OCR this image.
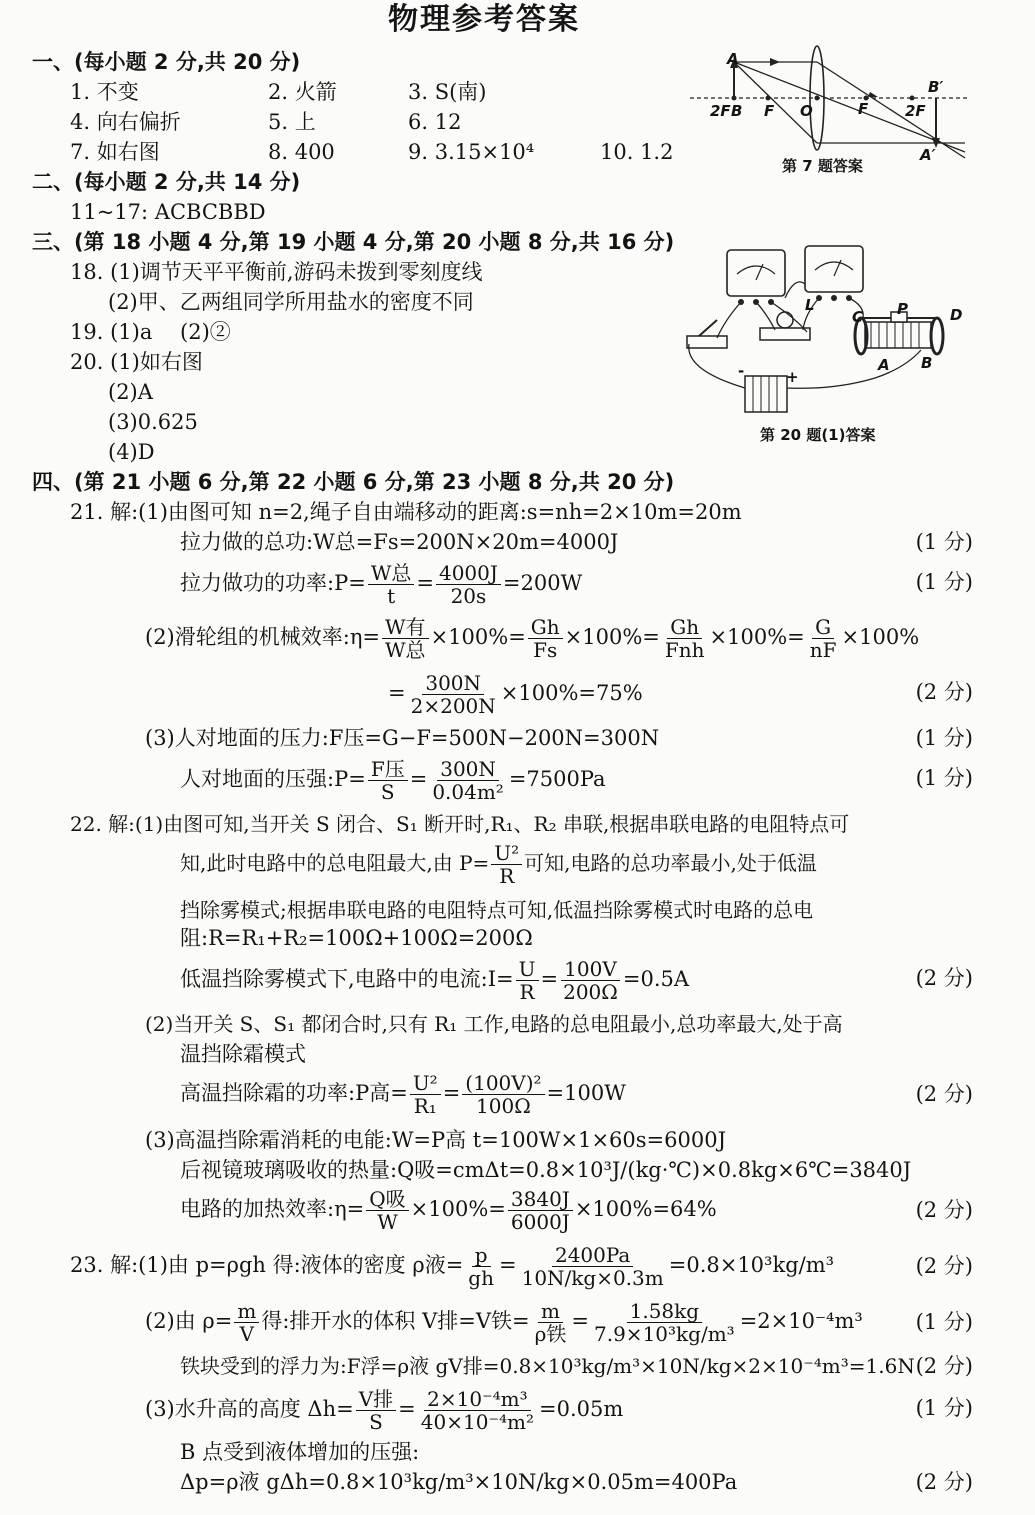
物理参考答案
一、(每小题 2 分,共 20 分)
1. 不变	2. 火箭	3. S(南)
4. 向右偏折	5. 上	6. 12
7. 如右图	8. 400	9. 3.15×10⁴	10. 1.2
A
B′
2F B F O	F 2F
A′
第 7 题答案
二、(每小题 2 分,共 14 分)
11~17: ACBCBBD
三、(第 18 小题 4 分,第 19 小题 4 分,第 20 小题 8 分,共 16 分)
18. (1)调节天平平衡前,游码未拨到零刻度线
(2)甲、乙两组同学所用盐水的密度不同
19. (1)a　 (2)②
20. (1)如右图
(2)A
(3)0.625
(4)D
L	P
C	D
A B
-	+
第 20 题(1)答案
四、(第 21 小题 6 分,第 22 小题 6 分,第 23 小题 8 分,共 20 分)
21. 解:(1)由图可知 n=2,绳子自由端移动的距离:s=nh=2×10m=20m
拉力做的总功:W总=Fs=200N×20m=4000J	(1 分)
拉力做功的功率:P= $\frac{\text{W总}}{t} = \frac{4000J}{20s} =200W$	(1 分)
(2)滑轮组的机械效率:η= $\frac{\text{W有}}{\text{W总}} \times 100\%= \frac{Gh}{Fs} \times 100\%= \frac{Gh}{\text{Fnh}} \times 100\%= \frac{G}{nF} \times 100\%$
= $\frac{300N}{2\times 200N} \times 100\%=75\%$	(2 分)
(3)人对地面的压力:F压=G−F=500N−200N=300N	(1 分)
人对地面的压强:P= $\frac{\text{F压}}{S} = \frac{300N}{\text{0.04m²}} =7500Pa$	(1 分)
22. 解:(1)由图可知,当开关 S 闭合、S₁ 断开时,R₁、R₂ 串联,根据串联电路的电阻特点可
知,此时电路中的总电阻最大,由 $P= \frac{\text{U²}}{R}$ 可知,电路的总功率最小,处于低温
挡除雾模式;根据串联电路的电阻特点可知,低温挡除雾模式时电路的总电
阻:R=R₁+R₂=100Ω+100Ω=200Ω
低温挡除雾模式下,电路中的电流:I= $\frac{U}{R} = \frac{100V}{200\Omega} =0.5A$	(2 分)
(2)当开关 S、S₁ 都闭合时,只有 R₁ 工作,电路的总电阻最小,总功率最大,处于高
温挡除霜模式
高温挡除霜的功率:P高= $\frac{\text{U²}}{\text{R₁}} = \frac{\text{(100V)²}}{100\Omega} =100W$	(2 分)
(3)高温挡除霜消耗的电能:W=P高 t=100W×1×60s=6000J
后视镜玻璃吸收的热量:Q吸=cmΔt=0.8×10³J/(kg·℃)×0.8kg×6℃=3840J
电路的加热效率:η= $\frac{\text{Q吸}}{W} \times 100\%= \frac{3840J}{6000J} \times 100\%=64\%$	(2 分)
23. 解:(1)由 p=ρgh 得:液体的密度 ρ液= $\frac{p}{gh} = \frac{2400Pa}{10N/kg\times 0.3m} =0.8\times 10^3kg/m^3$	(2 分)
(2)由 $\rho= \frac{m}{V}$ 得:排开水的体积 V排=V铁= $\frac{m}{\text{ρ铁}} = \frac{1.58kg}{\text{7.9×10³kg/m³}} =2\times 10^{-4}m^3$	(1 分)
铁块受到的浮力为:F浮=ρ液 gV排=0.8×10³kg/m³×10N/kg×2×10⁻⁴m³=1.6N (2 分)
(3)水升高的高度 $\Delta h= \frac{\text{V排}}{S} = \frac{\text{2×10⁻⁴m³}}{\text{40×10⁻⁴m²}} =0.05m$	(1 分)
B 点受到液体增加的压强:
Δp=ρ液 gΔh=0.8×10³kg/m³×10N/kg×0.05m=400Pa	(2 分)
